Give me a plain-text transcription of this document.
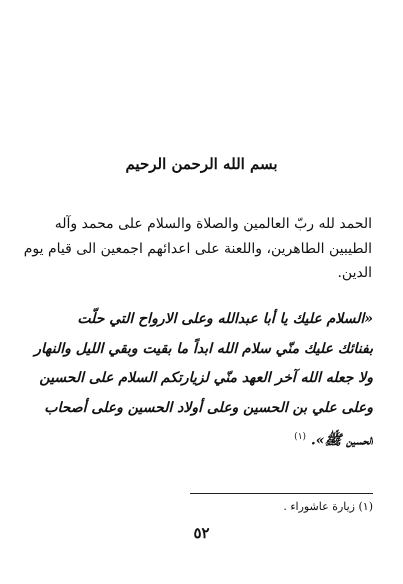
بسم الله الرحمن الرحيم
الحمد لله ربّ العالمين والصلاة والسلام على محمد وآله
الطيبين الطاهرين، واللعنة على اعدائهم اجمعين الى قيام يوم
الدين.
«السلام عليك يا أبا عبد‌الله وعلى الارواح التي حلّت
بفنائك عليك منّي سلام الله ابداً ما بقيت وبقي الليل والنهار
ولا جعله الله آخر العهد منّي لزيارتكم السلام على الحسين
وعلى علي بن الحسين وعلى أولاد الحسين وعلى أصحاب
الحسين ﷺ». $^{(١)}$
(١) زيارة عاشوراء .
٥٢
